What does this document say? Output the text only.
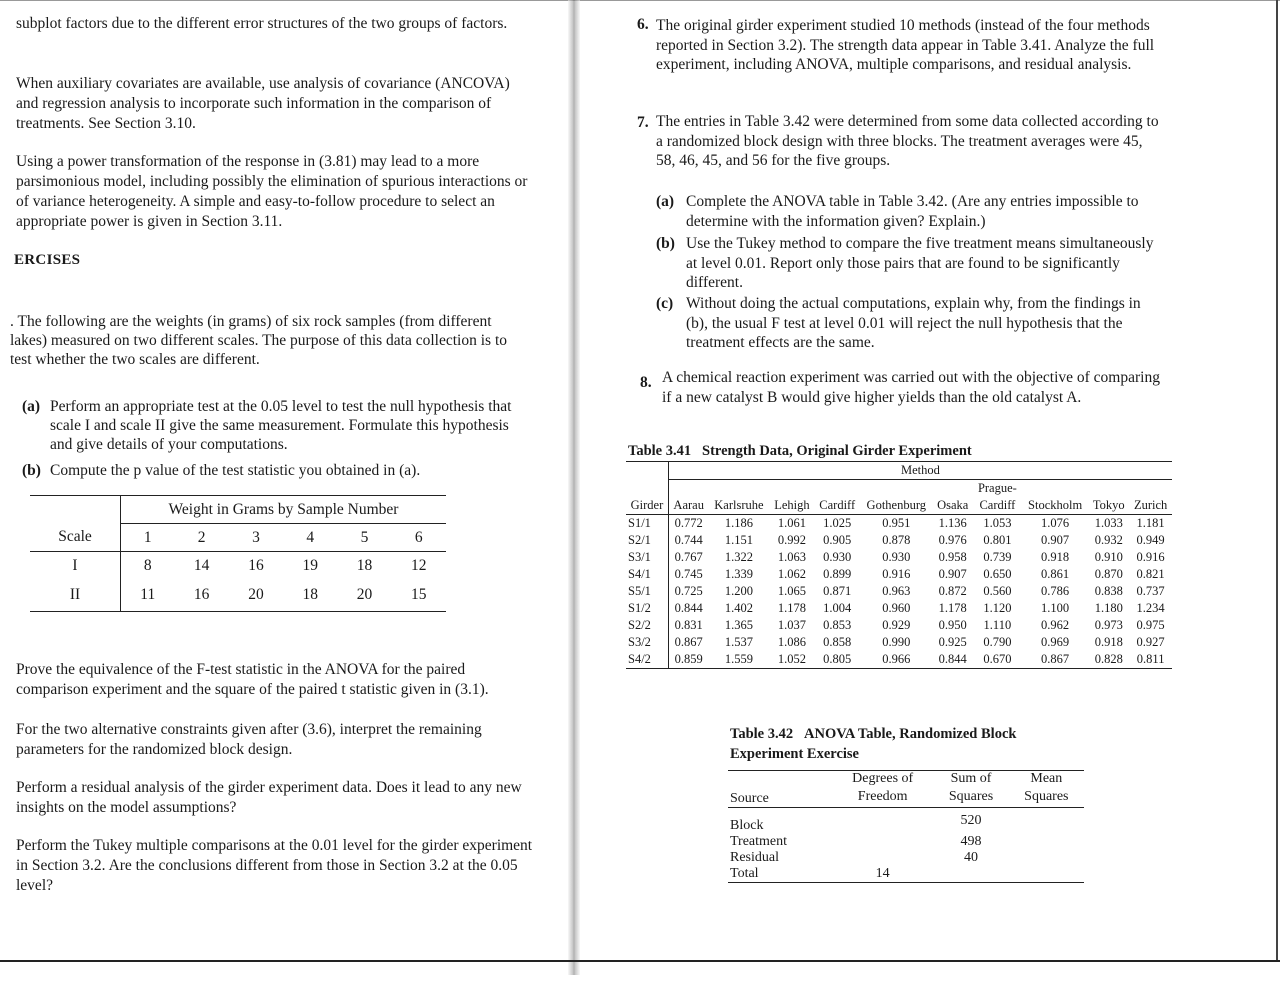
subplot factors due to the different error structures of the two groups of factors.

When auxiliary covariates are available, use analysis of covariance (ANCOVA) and regression analysis to incorporate such information in the comparison of treatments. See Section 3.10.

Using a power transformation of the response in (3.81) may lead to a more parsimonious model, including possibly the elimination of spurious interactions or of variance heterogeneity. A simple and easy-to-follow procedure to select an appropriate power is given in Section 3.11.

ERCISES
. The following are the weights (in grams) of six rock samples (from different lakes) measured on two different scales. The purpose of this data collection is to test whether the two scales are different.
(a) Perform an appropriate test at the 0.05 level to test the null hypothesis that scale I and scale II give the same measurement. Formulate this hypothesis and give details of your computations.
(b) Compute the p value of the test statistic you obtained in (a).
	Weight in Grams by Sample Number					
Scale	1	2	3	4	5	6
I	8	14	16	19	18	12
II	11	16	20	18	20	15

Prove the equivalence of the F-test statistic in the ANOVA for the paired comparison experiment and the square of the paired t statistic given in (3.1).

For the two alternative constraints given after (3.6), interpret the remaining parameters for the randomized block design.

Perform a residual analysis of the girder experiment data. Does it lead to any new insights on the model assumptions?

Perform the Tukey multiple comparisons at the 0.01 level for the girder experiment in Section 3.2. Are the conclusions different from those in Section 3.2 at the 0.05 level?

6. The original girder experiment studied 10 methods (instead of the four methods reported in Section 3.2). The strength data appear in Table 3.41. Analyze the full experiment, including ANOVA, multiple comparisons, and residual analysis.
7. The entries in Table 3.42 were determined from some data collected according to a randomized block design with three blocks. The treatment averages were 45, 58, 46, 45, and 56 for the five groups.
(a) Complete the ANOVA table in Table 3.42. (Are any entries impossible to determine with the information given? Explain.)
(b) Use the Tukey method to compare the five treatment means simultaneously at level 0.01. Report only those pairs that are found to be significantly different.
(c) Without doing the actual computations, explain why, from the findings in (b), the usual F test at level 0.01 will reject the null hypothesis that the treatment effects are the same.
8. A chemical reaction experiment was carried out with the objective of comparing if a new catalyst B would give higher yields than the old catalyst A.
Table 3.41 Strength Data, Original Girder Experiment
	Method									
							Prague-			
Girder	Aarau	Karlsruhe	Lehigh	Cardiff	Gothenburg	Osaka	Cardiff	Stockholm	Tokyo	Zurich
S1/1	0.772	1.186	1.061	1.025	0.951	1.136	1.053	1.076	1.033	1.181
S2/1	0.744	1.151	0.992	0.905	0.878	0.976	0.801	0.907	0.932	0.949
S3/1	0.767	1.322	1.063	0.930	0.930	0.958	0.739	0.918	0.910	0.916
S4/1	0.745	1.339	1.062	0.899	0.916	0.907	0.650	0.861	0.870	0.821
S5/1	0.725	1.200	1.065	0.871	0.963	0.872	0.560	0.786	0.838	0.737
S1/2	0.844	1.402	1.178	1.004	0.960	1.178	1.120	1.100	1.180	1.234
S2/2	0.831	1.365	1.037	0.853	0.929	0.950	1.110	0.962	0.973	0.975
S3/2	0.867	1.537	1.086	0.858	0.990	0.925	0.790	0.969	0.918	0.927
S4/2	0.859	1.559	1.052	0.805	0.966	0.844	0.670	0.867	0.828	0.811
Table 3.42 ANOVA Table, Randomized Block Experiment Exercise
	Degrees of	Sum of	Mean
Source	Freedom	Squares	Squares
Block		520	
Treatment		498	
Residual		40	
Total	14		
